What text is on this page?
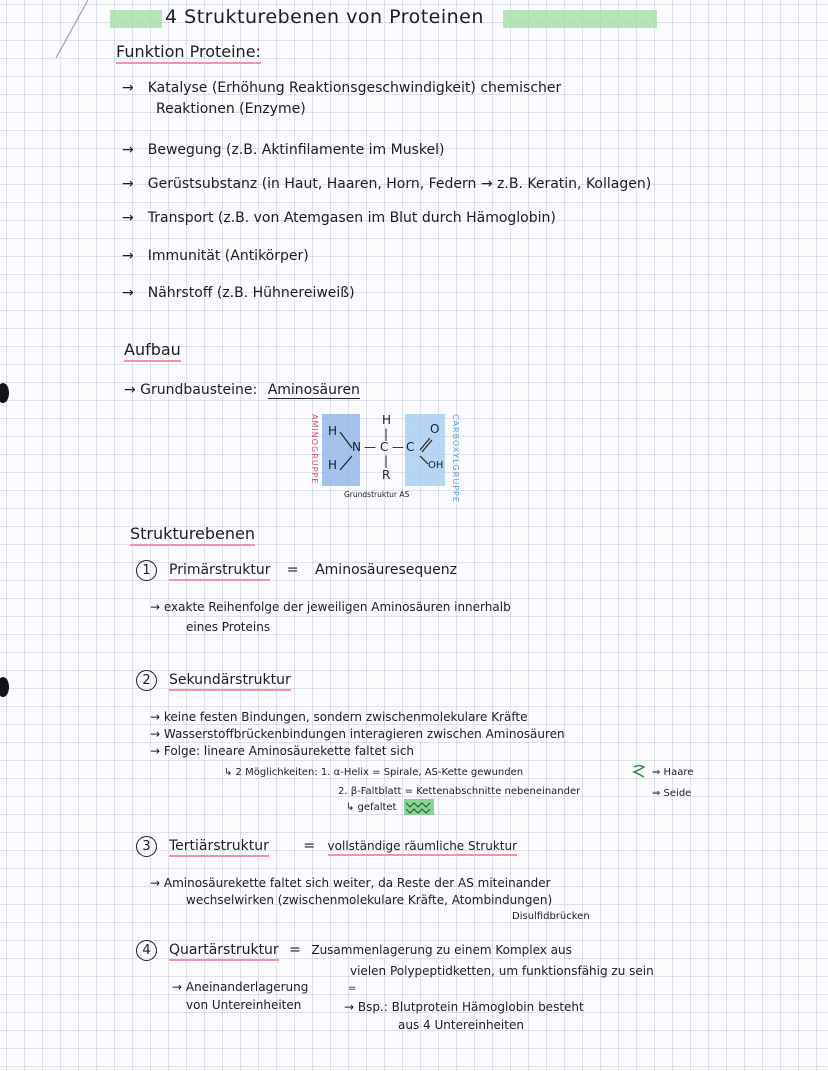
4 Strukturebenen von Proteinen
Funktion Proteine:
→ Katalyse (Erhöhung Reaktionsgeschwindigkeit) chemischer
Reaktionen (Enzyme)
→ Bewegung (z.B. Aktinfilamente im Muskel)
→ Gerüstsubstanz (in Haut, Haaren, Horn, Federn → z.B. Keratin, Kollagen)
→ Transport (z.B. von Atemgasen im Blut durch Hämoglobin)
→ Immunität (Antikörper)
→ Nährstoff (z.B. Hühnereiweiß)
Aufbau
→ Grundbausteine: Aminosäuren
AMINOGRUPPE	CARBOXYLGRUPPE
H
H
H
|
N — C — C
O
OH
|
R
Grundstruktur AS
Strukturebenen
1 Primärstruktur = Aminosäuresequenz
→ exakte Reihenfolge der jeweiligen Aminosäuren innerhalb
eines Proteins
2 Sekundärstruktur
→ keine festen Bindungen, sondern zwischenmolekulare Kräfte
→ Wasserstoffbrückenbindungen interagieren zwischen Aminosäuren
→ Folge: lineare Aminosäurekette faltet sich
↳ 2 Möglichkeiten: 1. α-Helix = Spirale, AS-Kette gewunden	⇒ Haare
2. β-Faltblatt = Kettenabschnitte nebeneinander	⇒ Seide
↳ gefaltet
3 Tertiärstruktur = vollständige räumliche Struktur
→ Aminosäurekette faltet sich weiter, da Reste der AS miteinander
wechselwirken (zwischenmolekulare Kräfte, Atombindungen)
Disulfidbrücken
4 Quartärstruktur = Zusammenlagerung zu einem Komplex aus
vielen Polypeptidketten, um funktionsfähig zu sein
=
→ Aneinanderlagerung
von Untereinheiten	→ Bsp.: Blutprotein Hämoglobin besteht
aus 4 Untereinheiten
